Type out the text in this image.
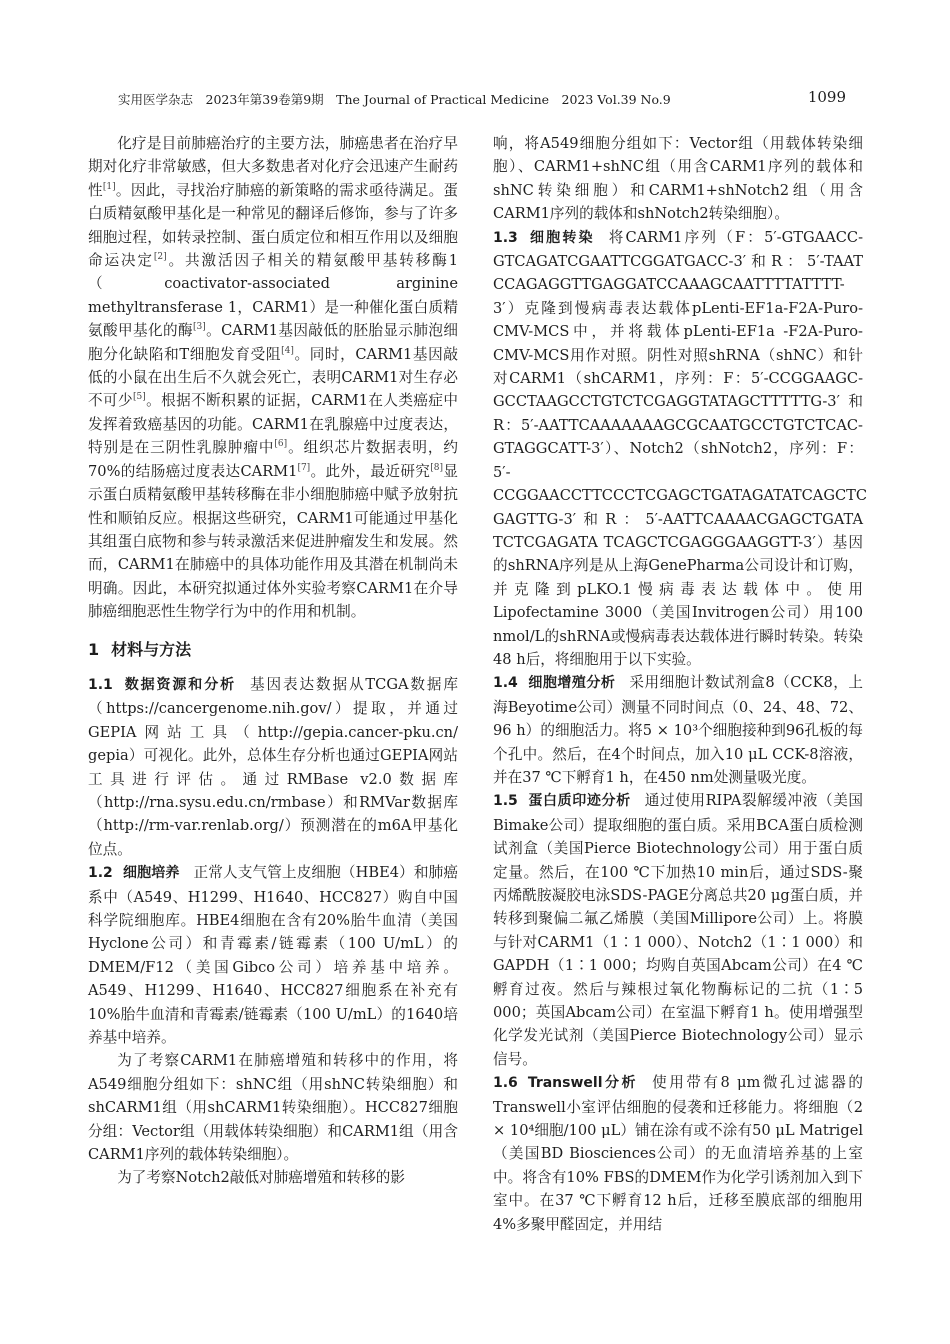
实用医学杂志　2023年第39卷第9期　The Journal of Practical Medicine　2023 Vol.39 No.9	1099

化疗是目前肺癌治疗的主要方法，肺癌患者在治疗早期对化疗非常敏感，但大多数患者对化疗会迅速产生耐药性[1]。因此，寻找治疗肺癌的新策略的需求亟待满足。蛋白质精氨酸甲基化是一种常见的翻译后修饰，参与了许多细胞过程，如转录控制、蛋白质定位和相互作用以及细胞命运决定[2]。共激活因子相关的精氨酸甲基转移酶1（coactivator-associated arginine methyltransferase 1，CARM1）是一种催化蛋白质精氨酸甲基化的酶[3]。CARM1基因敲低的胚胎显示肺泡细胞分化缺陷和T细胞发育受阻[4]。同时，CARM1基因敲低的小鼠在出生后不久就会死亡，表明CARM1对生存必不可少[5]。根据不断积累的证据，CARM1在人类癌症中发挥着致癌基因的功能。CARM1在乳腺癌中过度表达，特别是在三阴性乳腺肿瘤中[6]。组织芯片数据表明，约70%的结肠癌过度表达CARM1[7]。此外，最近研究[8]显示蛋白质精氨酸甲基转移酶在非小细胞肺癌中赋予放射抗性和顺铂反应。根据这些研究，CARM1可能通过甲基化其组蛋白底物和参与转录激活来促进肿瘤发生和发展。然而，CARM1在肺癌中的具体功能作用及其潜在机制尚未明确。因此，本研究拟通过体外实验考察CARM1在介导肺癌细胞恶性生物学行为中的作用和机制。

1 材料与方法

1.1 数据资源和分析 基因表达数据从TCGA数据库（https://cancergenome.nih.gov/）提取，并通过GEPIA网站工具（http://gepia.cancer-pku.cn/ gepia）可视化。此外，总体生存分析也通过GEPIA网站工具进行评估。通过RMBase v2.0数据库（http://rna.sysu.edu.cn/rmbase）和RMVar数据库（http://rm-var.renlab.org/）预测潜在的m6A甲基化位点。

1.2 细胞培养 正常人支气管上皮细胞（HBE4）和肺癌系中（A549、H1299、H1640、HCC827）购自中国科学院细胞库。HBE4细胞在含有20%胎牛血清（美国Hyclone公司）和青霉素/链霉素（100 U/mL）的DMEM/F12（美国Gibco公司）培养基中培养。A549、H1299、H1640、HCC827细胞系在补充有10%胎牛血清和青霉素/链霉素（100 U/mL）的1640培养基中培养。

为了考察CARM1在肺癌增殖和转移中的作用，将A549细胞分组如下：shNC组（用shNC转染细胞）和shCARM1组（用shCARM1转染细胞）。HCC827细胞分组：Vector组（用载体转染细胞）和CARM1组（用含CARM1序列的载体转染细胞）。

为了考察Notch2敲低对肺癌增殖和转移的影

响，将A549细胞分组如下：Vector组（用载体转染细胞）、CARM1+shNC组（用含CARM1序列的载体和shNC转染细胞）和CARM1+shNotch2组（用含CARM1序列的载体和shNotch2转染细胞）。

1.3 细胞转染 将CARM1序列（F：5′-GTGAACC-GTCAGATCGAATTCGGATGACC-3′和R：5′-TAAT CCAGAGGTTGAGGATCCAAAGCAATTTTATTTT-3′）克隆到慢病毒表达载体pLenti-EF1a-F2A-Puro-CMV-MCS中，并将载体pLenti-EF1a -F2A-Puro-CMV-MCS用作对照。阴性对照shRNA（shNC）和针对CARM1（shCARM1，序列：F：5′-CCGGAAGC-GCCTAAGCCTGTCTCGAGGTATAGCTTTTTG-3′和R：5′-AATTCAAAAAAAGCGCAATGCCTGTCTCAC-GTAGGCATT-3′）、Notch2（shNotch2，序列：F：5′-CCGGAACCTTCCCTCGAGCTGATAGATATCAGCTC GAGTTG-3′和R：5′-AATTCAAAACGAGCTGATA TCTCGAGATA TCAGCTCGAGGGAAGGTT-3′）基因的shRNA序列是从上海GenePharma公司设计和订购，并克隆到pLKO.1慢病毒表达载体中。使用Lipofectamine 3000（美国Invitrogen公司）用100 nmol/L的shRNA或慢病毒表达载体进行瞬时转染。转染48 h后，将细胞用于以下实验。

1.4 细胞增殖分析 采用细胞计数试剂盒8（CCK8，上海Beyotime公司）测量不同时间点（0、24、48、72、96 h）的细胞活力。将5 × 10³个细胞接种到96孔板的每个孔中。然后，在4个时间点，加入10 μL CCK-8溶液，并在37 ℃下孵育1 h，在450 nm处测量吸光度。

1.5 蛋白质印迹分析 通过使用RIPA裂解缓冲液（美国Bimake公司）提取细胞的蛋白质。采用BCA蛋白质检测试剂盒（美国Pierce Biotechnology公司）用于蛋白质定量。然后，在100 ℃下加热10 min后，通过SDS-聚丙烯酰胺凝胶电泳SDS-PAGE分离总共20 μg蛋白质，并转移到聚偏二氟乙烯膜（美国Millipore公司）上。将膜与针对CARM1（1∶1 000）、Notch2（1∶1 000）和GAPDH（1∶1 000；均购自英国Abcam公司）在4 ℃孵育过夜。然后与辣根过氧化物酶标记的二抗（1∶5 000；英国Abcam公司）在室温下孵育1 h。使用增强型化学发光试剂（美国Pierce Biotechnology公司）显示信号。

1.6 Transwell分析 使用带有8 μm微孔过滤器的Transwell小室评估细胞的侵袭和迁移能力。将细胞（2 × 10⁴细胞/100 μL）铺在涂有或不涂有50 μL Matrigel（美国BD Biosciences公司）的无血清培养基的上室中。将含有10% FBS的DMEM作为化学引诱剂加入到下室中。在37 ℃下孵育12 h后，迁移至膜底部的细胞用4%多聚甲醛固定，并用结
